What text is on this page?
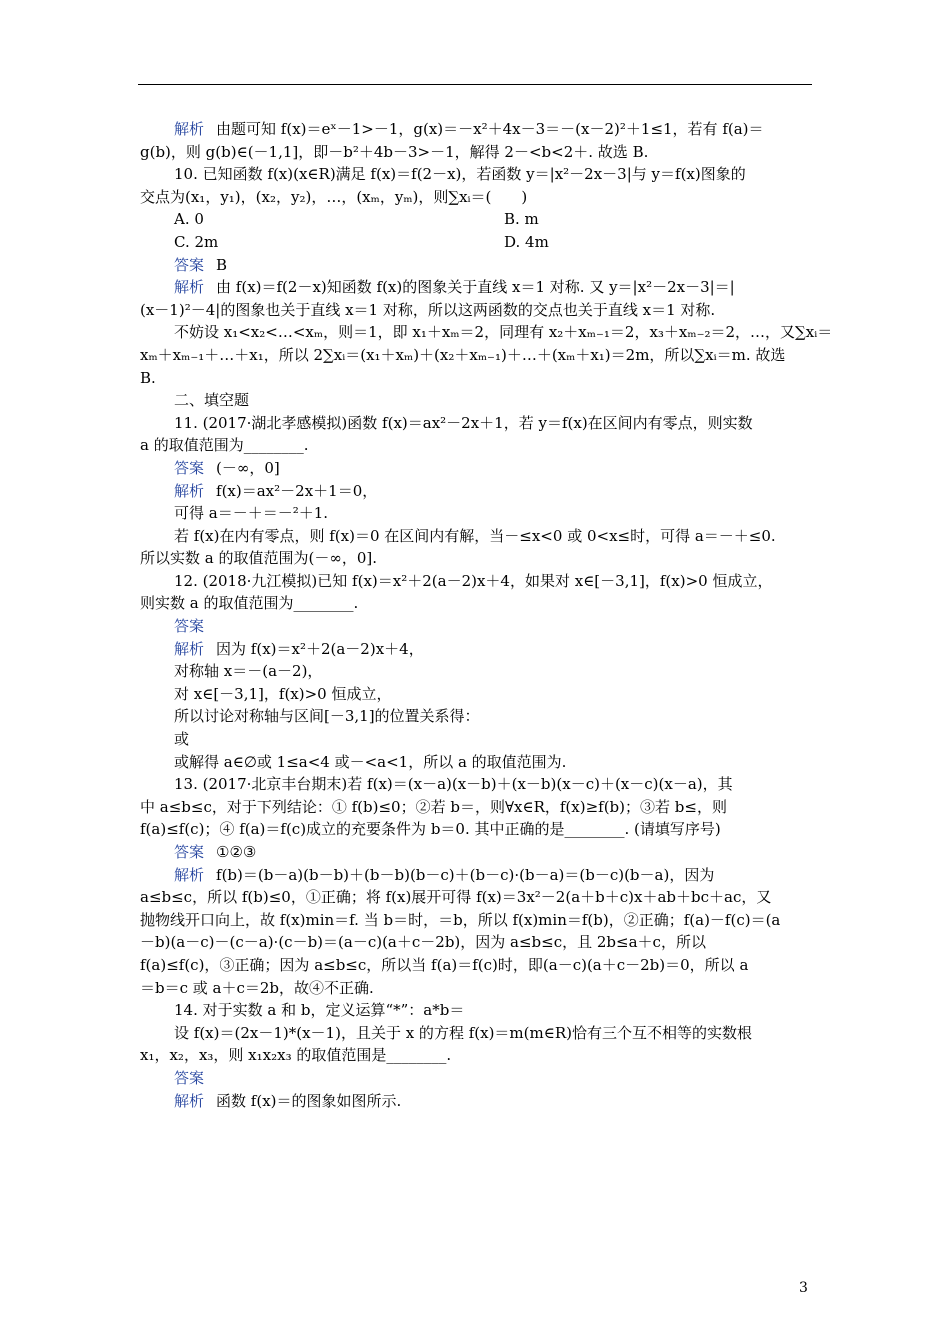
解析 由题可知 f(x)＝eˣ－1>－1，g(x)＝－x²＋4x－3＝－(x－2)²＋1≤1，若有 f(a)＝
g(b)，则 g(b)∈(－1,1]，即－b²＋4b－3>－1，解得 2－<b<2＋. 故选 B.
10. 已知函数 f(x)(x∈R)满足 f(x)＝f(2－x)，若函数 y＝|x²－2x－3|与 y＝f(x)图象的
交点为(x₁，y₁)，(x₂，y₂)，…，(xₘ，yₘ)，则∑xᵢ＝(　　)
A. 0	B. m
C. 2m	D. 4m
答案 B
解析 由 f(x)＝f(2－x)知函数 f(x)的图象关于直线 x＝1 对称. 又 y＝|x²－2x－3|＝|
(x－1)²－4|的图象也关于直线 x＝1 对称，所以这两函数的交点也关于直线 x＝1 对称.
不妨设 x₁<x₂<…<xₘ，则＝1，即 x₁＋xₘ＝2，同理有 x₂＋xₘ₋₁＝2，x₃＋xₘ₋₂＝2，…，又∑xᵢ＝
xₘ＋xₘ₋₁＋…＋x₁，所以 2∑xᵢ＝(x₁＋xₘ)＋(x₂＋xₘ₋₁)＋…＋(xₘ＋x₁)＝2m，所以∑xᵢ＝m. 故选
B.
二、填空题
11. (2017·湖北孝感模拟)函数 f(x)＝ax²－2x＋1，若 y＝f(x)在区间内有零点，则实数
a 的取值范围为________.
答案 (－∞，0]
解析 f(x)＝ax²－2x＋1＝0，
可得 a＝－＋＝－²＋1.
若 f(x)在内有零点，则 f(x)＝0 在区间内有解，当－≤x<0 或 0<x≤时，可得 a＝－＋≤0.
所以实数 a 的取值范围为(－∞，0].
12. (2018·九江模拟)已知 f(x)＝x²＋2(a－2)x＋4，如果对 x∈[－3,1]，f(x)>0 恒成立，
则实数 a 的取值范围为________.
答案
解析 因为 f(x)＝x²＋2(a－2)x＋4，
对称轴 x＝－(a－2)，
对 x∈[－3,1]，f(x)>0 恒成立，
所以讨论对称轴与区间[－3,1]的位置关系得：
或
或解得 a∈∅或 1≤a<4 或－<a<1，所以 a 的取值范围为.
13. (2017·北京丰台期末)若 f(x)＝(x－a)(x－b)＋(x－b)(x－c)＋(x－c)(x－a)，其
中 a≤b≤c，对于下列结论：① f(b)≤0；②若 b＝，则∀x∈R，f(x)≥f(b)；③若 b≤，则
f(a)≤f(c)；④ f(a)＝f(c)成立的充要条件为 b＝0. 其中正确的是________. (请填写序号)
答案 ①②③
解析 f(b)＝(b－a)(b－b)＋(b－b)(b－c)＋(b－c)·(b－a)＝(b－c)(b－a)，因为
a≤b≤c，所以 f(b)≤0，①正确；将 f(x)展开可得 f(x)＝3x²－2(a＋b＋c)x＋ab＋bc＋ac，又
抛物线开口向上，故 f(x)min＝f. 当 b＝时，＝b，所以 f(x)min＝f(b)，②正确；f(a)－f(c)＝(a
－b)(a－c)－(c－a)·(c－b)＝(a－c)(a＋c－2b)，因为 a≤b≤c，且 2b≤a＋c，所以
f(a)≤f(c)，③正确；因为 a≤b≤c，所以当 f(a)＝f(c)时，即(a－c)(a＋c－2b)＝0，所以 a
＝b＝c 或 a＋c＝2b，故④不正确.
14. 对于实数 a 和 b，定义运算“*”：a*b＝
设 f(x)＝(2x－1)*(x－1)，且关于 x 的方程 f(x)＝m(m∈R)恰有三个互不相等的实数根
x₁，x₂，x₃，则 x₁x₂x₃ 的取值范围是________.
答案
解析 函数 f(x)＝的图象如图所示.
3
